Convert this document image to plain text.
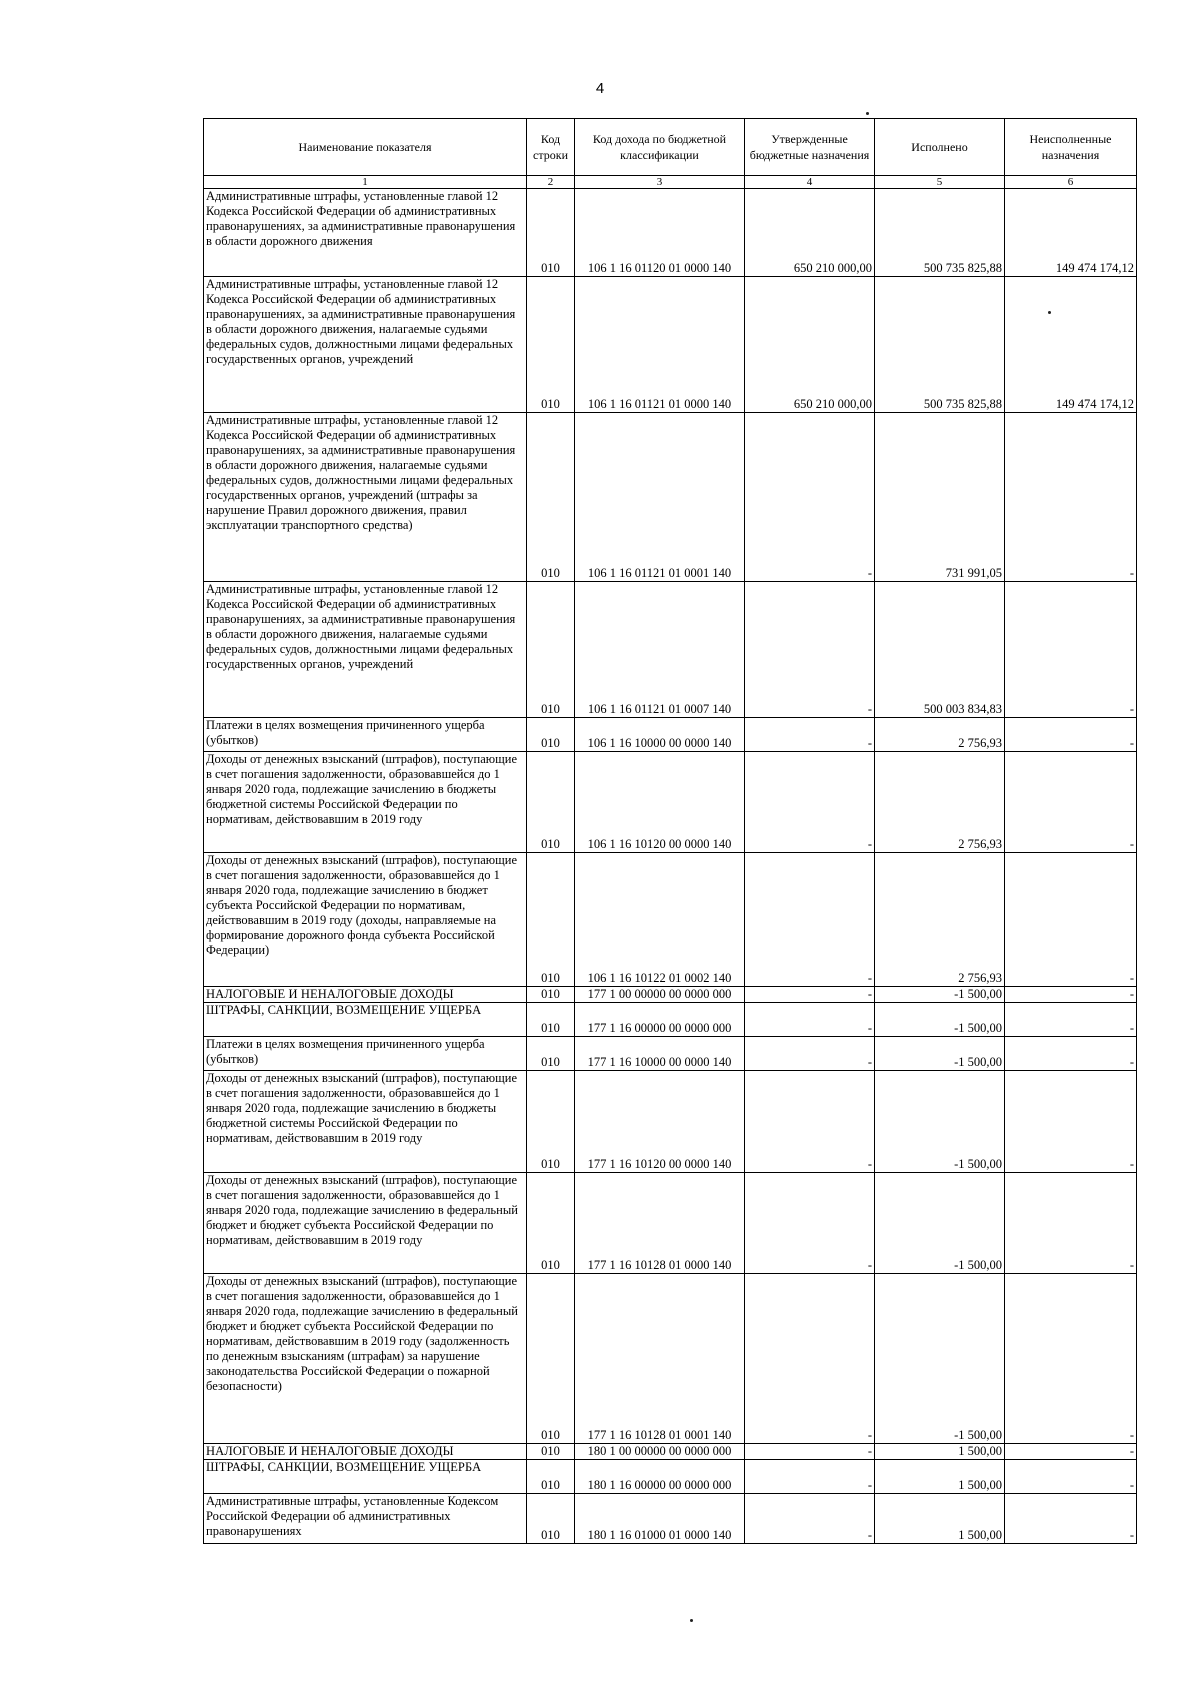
4
Наименование показателя	Код строки	Код дохода по бюджетной классификации	Утвержденные бюджетные назначения	Исполнено	Неисполненные назначения
1	2	3	4	5	6
Административные штрафы, установленные главой 12 Кодекса Российской Федерации об административных правонарушениях, за административные правонарушения в области дорожного движения	010	106 1 16 01120 01 0000 140	650 210 000,00	500 735 825,88	149 474 174,12
Административные штрафы, установленные главой 12 Кодекса Российской Федерации об административных правонарушениях, за административные правонарушения в области дорожного движения, налагаемые судьями федеральных судов, должностными лицами федеральных государственных органов, учреждений	010	106 1 16 01121 01 0000 140	650 210 000,00	500 735 825,88	149 474 174,12
Административные штрафы, установленные главой 12 Кодекса Российской Федерации об административных правонарушениях, за административные правонарушения в области дорожного движения, налагаемые судьями федеральных судов, должностными лицами федеральных государственных органов, учреждений (штрафы за нарушение Правил дорожного движения, правил эксплуатации транспортного средства)	010	106 1 16 01121 01 0001 140	-	731 991,05	-
Административные штрафы, установленные главой 12 Кодекса Российской Федерации об административных правонарушениях, за административные правонарушения в области дорожного движения, налагаемые судьями федеральных судов, должностными лицами федеральных государственных органов, учреждений	010	106 1 16 01121 01 0007 140	-	500 003 834,83	-
Платежи в целях возмещения причиненного ущерба (убытков)	010	106 1 16 10000 00 0000 140	-	2 756,93	-
Доходы от денежных взысканий (штрафов), поступающие в счет погашения задолженности, образовавшейся до 1 января 2020 года, подлежащие зачислению в бюджеты бюджетной системы Российской Федерации по нормативам, действовавшим в 2019 году	010	106 1 16 10120 00 0000 140	-	2 756,93	-
Доходы от денежных взысканий (штрафов), поступающие в счет погашения задолженности, образовавшейся до 1 января 2020 года, подлежащие зачислению в бюджет субъекта Российской Федерации по нормативам, действовавшим в 2019 году (доходы, направляемые на формирование дорожного фонда субъекта Российской Федерации)	010	106 1 16 10122 01 0002 140	-	2 756,93	-
НАЛОГОВЫЕ И НЕНАЛОГОВЫЕ ДОХОДЫ	010	177 1 00 00000 00 0000 000	-	-1 500,00	-
ШТРАФЫ, САНКЦИИ, ВОЗМЕЩЕНИЕ УЩЕРБА	010	177 1 16 00000 00 0000 000	-	-1 500,00	-
Платежи в целях возмещения причиненного ущерба (убытков)	010	177 1 16 10000 00 0000 140	-	-1 500,00	-
Доходы от денежных взысканий (штрафов), поступающие в счет погашения задолженности, образовавшейся до 1 января 2020 года, подлежащие зачислению в бюджеты бюджетной системы Российской Федерации по нормативам, действовавшим в 2019 году	010	177 1 16 10120 00 0000 140	-	-1 500,00	-
Доходы от денежных взысканий (штрафов), поступающие в счет погашения задолженности, образовавшейся до 1 января 2020 года, подлежащие зачислению в федеральный бюджет и бюджет субъекта Российской Федерации по нормативам, действовавшим в 2019 году	010	177 1 16 10128 01 0000 140	-	-1 500,00	-
Доходы от денежных взысканий (штрафов), поступающие в счет погашения задолженности, образовавшейся до 1 января 2020 года, подлежащие зачислению в федеральный бюджет и бюджет субъекта Российской Федерации по нормативам, действовавшим в 2019 году (задолженность по денежным взысканиям (штрафам) за нарушение законодательства Российской Федерации о пожарной безопасности)	010	177 1 16 10128 01 0001 140	-	-1 500,00	-
НАЛОГОВЫЕ И НЕНАЛОГОВЫЕ ДОХОДЫ	010	180 1 00 00000 00 0000 000	-	1 500,00	-
ШТРАФЫ, САНКЦИИ, ВОЗМЕЩЕНИЕ УЩЕРБА	010	180 1 16 00000 00 0000 000	-	1 500,00	-
Административные штрафы, установленные Кодексом Российской Федерации об административных правонарушениях	010	180 1 16 01000 01 0000 140	-	1 500,00	-
